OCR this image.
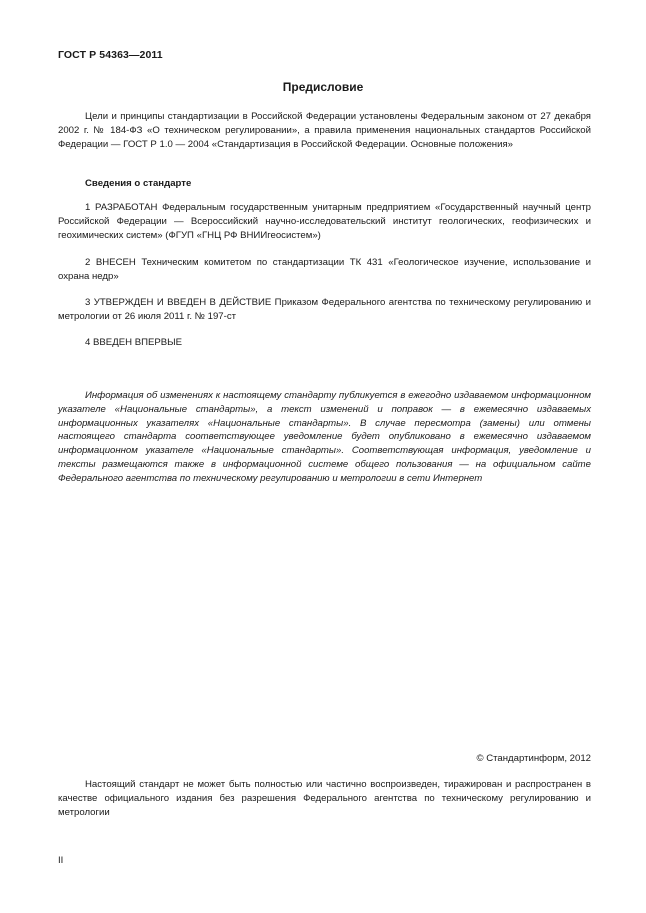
ГОСТ Р 54363—2011
Предисловие
Цели и принципы стандартизации в Российской Федерации установлены Федеральным законом от 27 декабря 2002 г. № 184-ФЗ «О техническом регулировании», а правила применения национальных стандартов Российской Федерации — ГОСТ Р 1.0 — 2004 «Стандартизация в Российской Федерации. Основные положения»
Сведения о стандарте
1 РАЗРАБОТАН Федеральным государственным унитарным предприятием «Государственный научный центр Российской Федерации — Всероссийский научно-исследовательский институт геологических, геофизических и геохимических систем» (ФГУП «ГНЦ РФ ВНИИгеосистем»)
2 ВНЕСЕН Техническим комитетом по стандартизации ТК 431 «Геологическое изучение, использование и охрана недр»
3 УТВЕРЖДЕН И ВВЕДЕН В ДЕЙСТВИЕ Приказом Федерального агентства по техническому регулированию и метрологии от 26 июля 2011 г. № 197-ст
4 ВВЕДЕН ВПЕРВЫЕ
Информация об изменениях к настоящему стандарту публикуется в ежегодно издаваемом информационном указателе «Национальные стандарты», а текст изменений и поправок — в ежемесячно издаваемых информационных указателях «Национальные стандарты». В случае пересмотра (замены) или отмены настоящего стандарта соответствующее уведомление будет опубликовано в ежемесячно издаваемом информационном указателе «Национальные стандарты». Соответствующая информация, уведомление и тексты размещаются также в информационной системе общего пользования — на официальном сайте Федерального агентства по техническому регулированию и метрологии в сети Интернет
© Стандартинформ, 2012
Настоящий стандарт не может быть полностью или частично воспроизведен, тиражирован и распространен в качестве официального издания без разрешения Федерального агентства по техническому регулированию и метрологии
II
